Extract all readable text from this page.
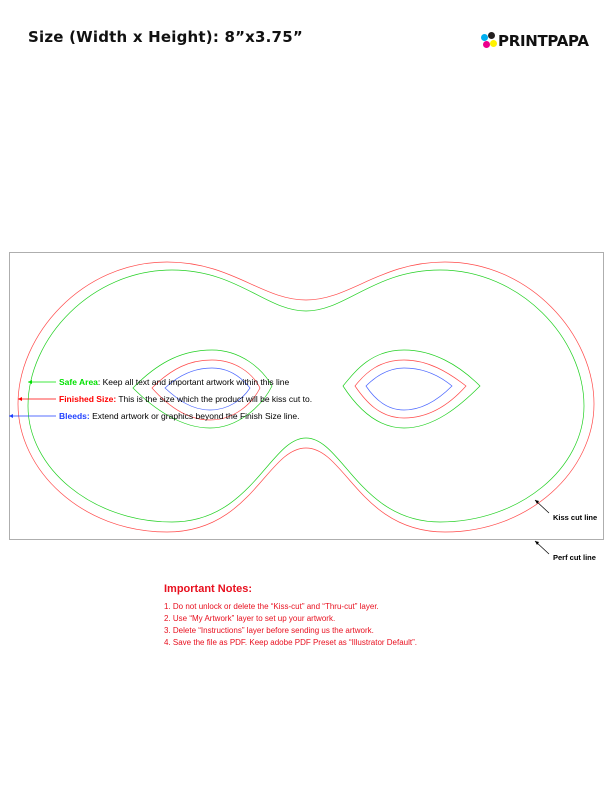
Size (Width x Height): 8”x3.75”	PRINTPAPA
Safe Area: Keep all text and important artwork within this line
Finished Size: This is the size which the product will be kiss cut to.
Bleeds: Extend artwork or graphics beyond the Finish Size line.
Kiss cut line
Perf cut line
Important Notes:
1. Do not unlock or delete the “Kiss-cut” and “Thru-cut” layer.
2. Use “My Artwork” layer to set up your artwork.
3. Delete “Instructions” layer before sending us the artwork.
4. Save the file as PDF. Keep adobe PDF Preset as “Illustrator Default”.
